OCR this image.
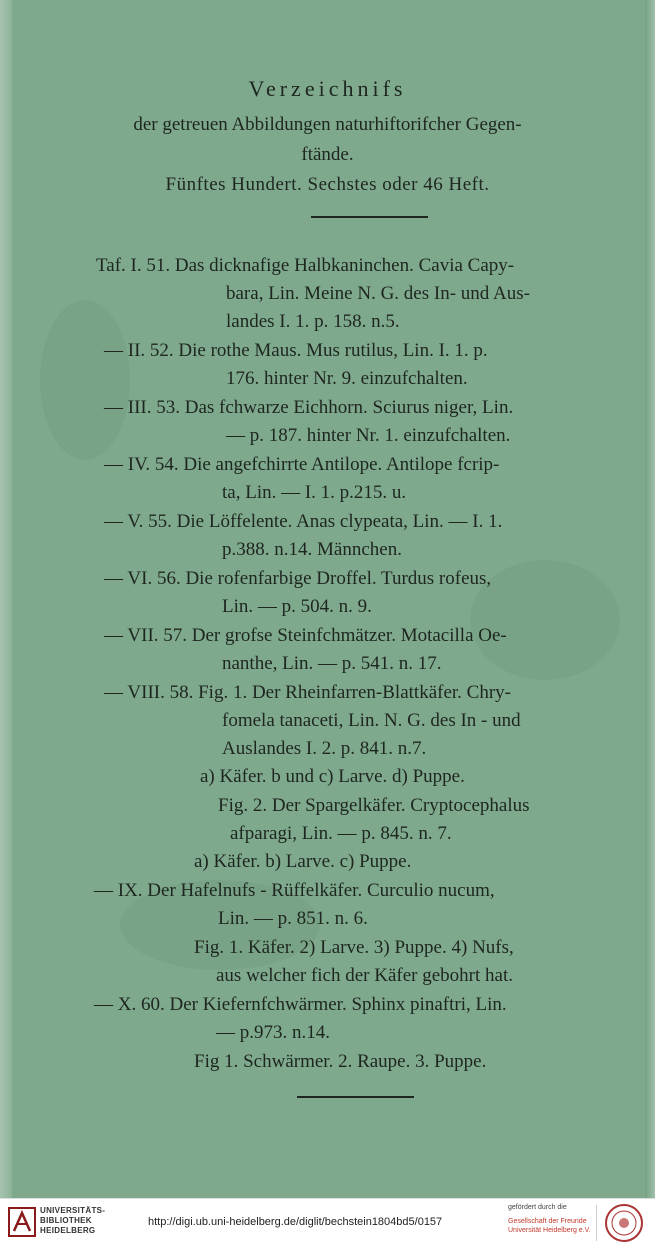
Verzeichnifs
der getreuen Abbildungen naturhiftorifcher Gegen-
ftände.
Fünftes Hundert. Sechstes oder 46 Heft.
Taf. I. 51. Das dicknafige Halbkaninchen. Cavia Capy-
bara, Lin. Meine N. G. des In- und Aus-
landes I. 1. p. 158. n.5.
— II. 52. Die rothe Maus. Mus rutilus, Lin. I. 1. p.
176. hinter Nr. 9. einzufchalten.
— III. 53. Das fchwarze Eichhorn. Sciurus niger, Lin.
— p. 187. hinter Nr. 1. einzufchalten.
— IV. 54. Die angefchirrte Antilope. Antilope fcrip-
ta, Lin. — I. 1. p.215. u.
— V. 55. Die Löffelente. Anas clypeata, Lin. — I. 1.
p.388. n.14. Männchen.
— VI. 56. Die rofenfarbige Droffel. Turdus rofeus,
Lin. — p. 504. n. 9.
— VII. 57. Der grofse Steinfchmätzer. Motacilla Oe-
nanthe, Lin. — p. 541. n. 17.
— VIII. 58. Fig. 1. Der Rheinfarren-Blattkäfer. Chry-
fomela tanaceti, Lin. N. G. des In - und
Auslandes I. 2. p. 841. n.7.
a) Käfer. b und c) Larve. d) Puppe.
Fig. 2. Der Spargelkäfer. Cryptocephalus
afparagi, Lin. — p. 845. n. 7.
a) Käfer. b) Larve. c) Puppe.
— IX. Der Hafelnufs - Rüffelkäfer. Curculio nucum,
Lin. — p. 851. n. 6.
Fig. 1. Käfer. 2) Larve. 3) Puppe. 4) Nufs,
aus welcher fich der Käfer gebohrt hat.
— X. 60. Der Kiefernfchwärmer. Sphinx pinaftri, Lin.
— p.973. n.14.
Fig 1. Schwärmer. 2. Raupe. 3. Puppe.
UNIVERSITÄTS-
BIBLIOTHEK
HEIDELBERG
http://digi.ub.uni-heidelberg.de/diglit/bechstein1804bd5/0157
gefördert durch die
Gesellschaft der Freunde
Universität Heidelberg e.V.
